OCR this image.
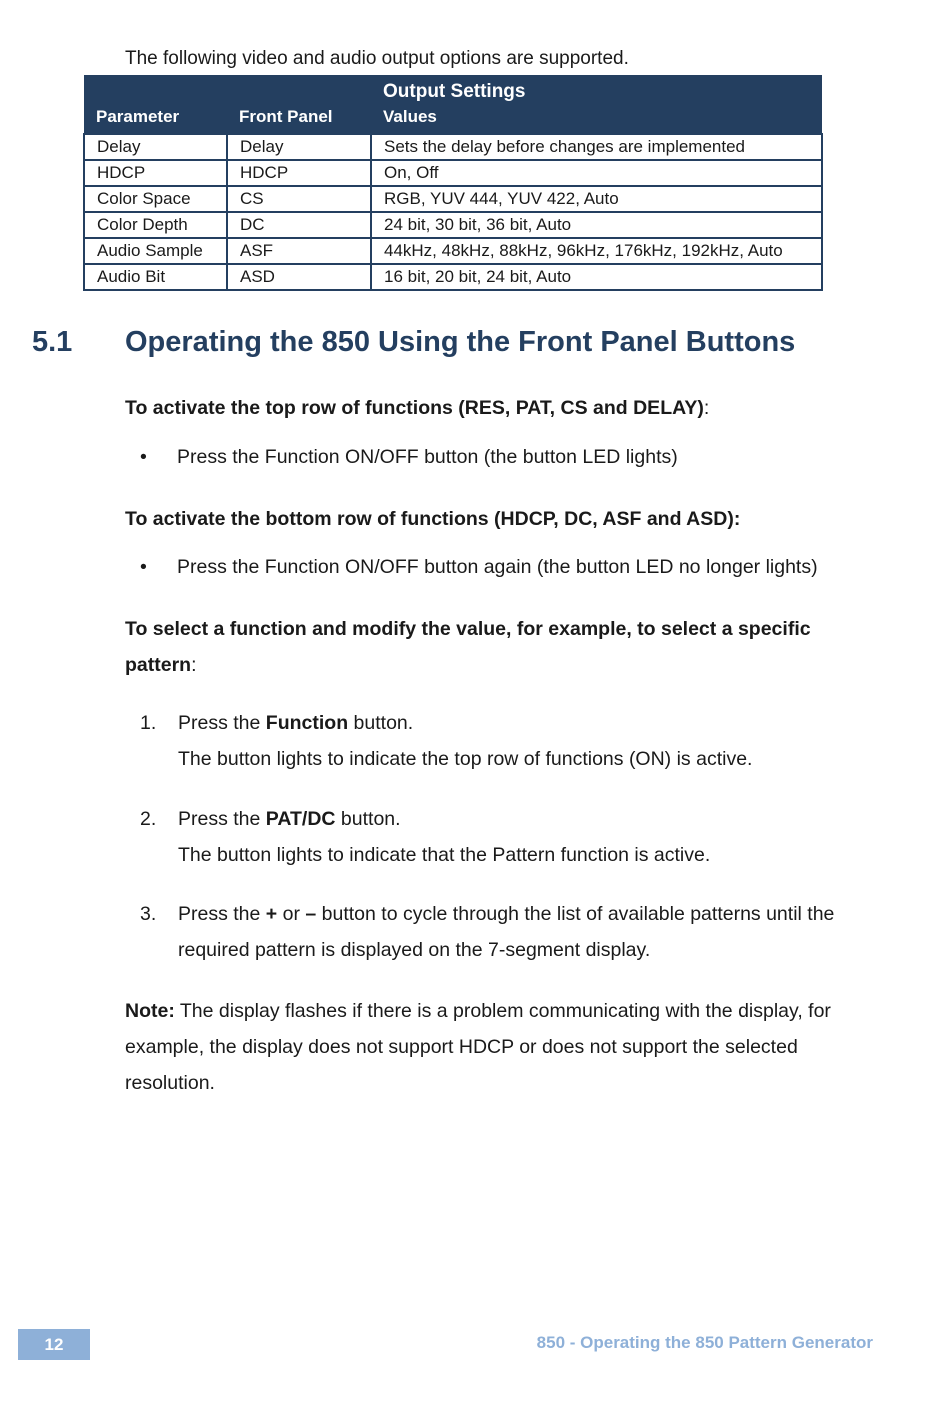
The following video and audio output options are supported.

		Output Settings
Parameter	Front Panel	Values
Delay	Delay	Sets the delay before changes are implemented
HDCP	HDCP	On, Off
Color Space	CS	RGB, YUV 444, YUV 422, Auto
Color Depth	DC	24 bit, 30 bit, 36 bit, Auto
Audio Sample	ASF	44kHz, 48kHz, 88kHz, 96kHz, 176kHz, 192kHz, Auto
Audio Bit	ASD	16 bit, 20 bit, 24 bit, Auto
5.1 Operating the 850 Using the Front Panel Buttons

To activate the top row of functions (RES, PAT, CS and DELAY):

• Press the Function ON/OFF button (the button LED lights)

To activate the bottom row of functions (HDCP, DC, ASF and ASD):

• Press the Function ON/OFF button again (the button LED no longer lights)

To select a function and modify the value, for example, to select a specific pattern:

1. Press the Function button.
The button lights to indicate the top row of functions (ON) is active.
2. Press the PAT/DC button.
The button lights to indicate that the Pattern function is active.
3. Press the + or – button to cycle through the list of available patterns until the required pattern is displayed on the 7-segment display.

Note: The display flashes if there is a problem communicating with the display, for example, the display does not support HDCP or does not support the selected resolution.

12	850 - Operating the 850 Pattern Generator
